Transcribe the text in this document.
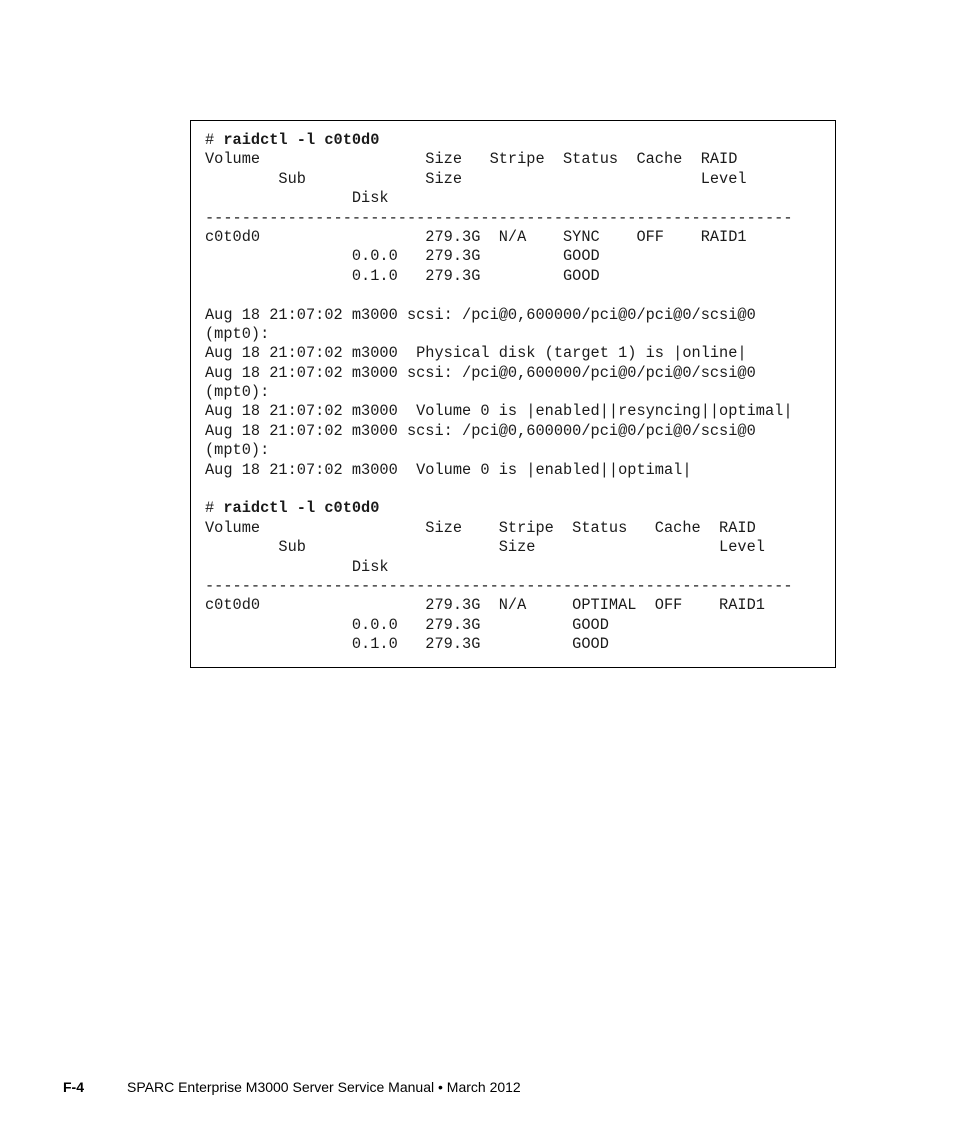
# raidctl -l c0t0d0
Volume                  Size   Stripe  Status  Cache  RAID
Sub             Size                          Level
Disk
----------------------------------------------------------------
c0t0d0                  279.3G  N/A    SYNC    OFF    RAID1
0.0.0   279.3G         GOOD
0.1.0   279.3G         GOOD
Aug 18 21:07:02 m3000 scsi: /pci@0,600000/pci@0/pci@0/scsi@0
(mpt0):
Aug 18 21:07:02 m3000  Physical disk (target 1) is |online|
Aug 18 21:07:02 m3000 scsi: /pci@0,600000/pci@0/pci@0/scsi@0
(mpt0):
Aug 18 21:07:02 m3000  Volume 0 is |enabled||resyncing||optimal|
Aug 18 21:07:02 m3000 scsi: /pci@0,600000/pci@0/pci@0/scsi@0
(mpt0):
Aug 18 21:07:02 m3000  Volume 0 is |enabled||optimal|
# raidctl -l c0t0d0
Volume                  Size    Stripe  Status   Cache  RAID
Sub                     Size                    Level
Disk
----------------------------------------------------------------
c0t0d0                  279.3G  N/A     OPTIMAL  OFF    RAID1
0.0.0   279.3G          GOOD
0.1.0   279.3G          GOOD
F-4	SPARC Enterprise M3000 Server Service Manual • March 2012
